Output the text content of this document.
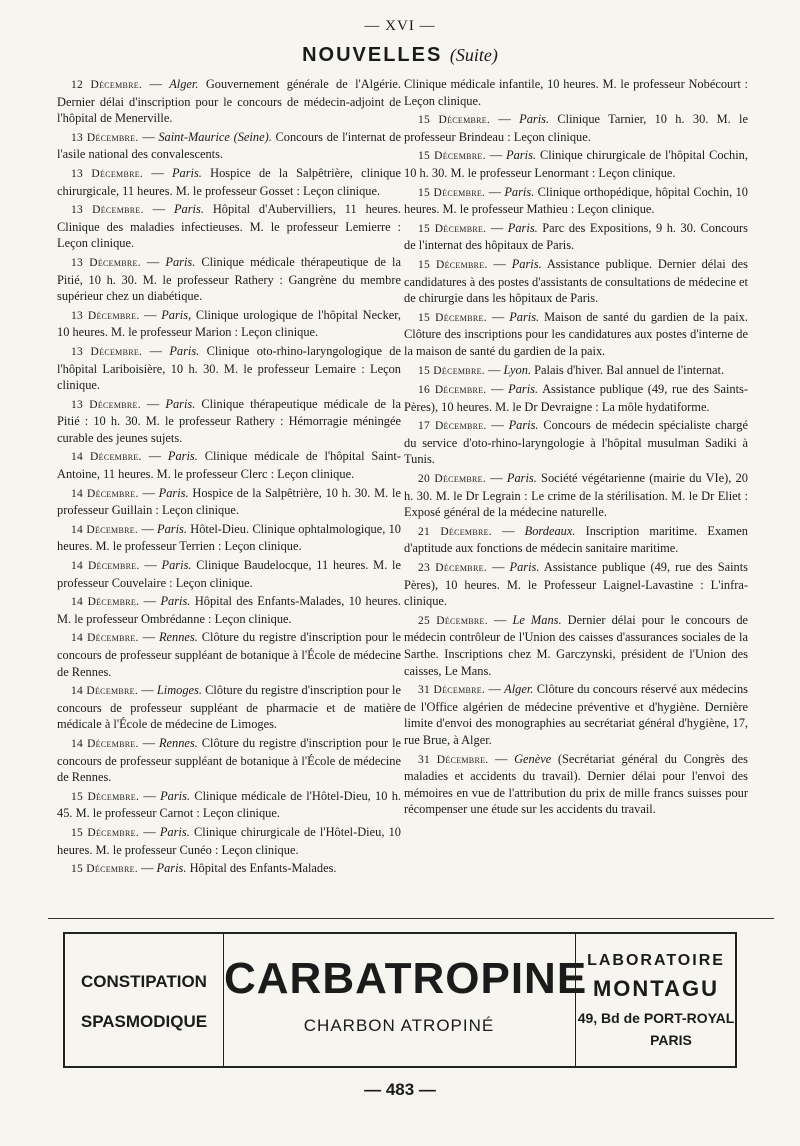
— XVI —
NOUVELLES (Suite)

12 Décembre. — Alger. Gouvernement générale de l'Algérie. Dernier délai d'inscription pour le concours de médecin-adjoint de l'hôpital de Menerville.

13 Décembre. — Saint-Maurice (Seine). Concours de l'internat de l'asile national des convalescents.

13 Décembre. — Paris. Hospice de la Salpêtrière, clinique chirurgicale, 11 heures. M. le professeur Gosset : Leçon clinique.

13 Décembre. — Paris. Hôpital d'Aubervilliers, 11 heures. Clinique des maladies infectieuses. M. le professeur Lemierre : Leçon clinique.

13 Décembre. — Paris. Clinique médicale thérapeutique de la Pitié, 10 h. 30. M. le professeur Rathery : Gangrène du membre supérieur chez un diabétique.

13 Décembre. — Paris, Clinique urologique de l'hôpital Necker, 10 heures. M. le professeur Marion : Leçon clinique.

13 Décembre. — Paris. Clinique oto-rhino-laryngologique de l'hôpital Lariboisière, 10 h. 30. M. le professeur Lemaire : Leçon clinique.

13 Décembre. — Paris. Clinique thérapeutique médicale de la Pitié : 10 h. 30. M. le professeur Rathery : Hémorragie méningée curable des jeunes sujets.

14 Décembre. — Paris. Clinique médicale de l'hôpital Saint-Antoine, 11 heures. M. le professeur Clerc : Leçon clinique.

14 Décembre. — Paris. Hospice de la Salpêtrière, 10 h. 30. M. le professeur Guillain : Leçon clinique.

14 Décembre. — Paris. Hôtel-Dieu. Clinique ophtalmologique, 10 heures. M. le professeur Terrien : Leçon clinique.

14 Décembre. — Paris. Clinique Baudelocque, 11 heures. M. le professeur Couvelaire : Leçon clinique.

14 Décembre. — Paris. Hôpital des Enfants-Malades, 10 heures. M. le professeur Ombrédanne : Leçon clinique.

14 Décembre. — Rennes. Clôture du registre d'inscription pour le concours de professeur suppléant de botanique à l'École de médecine de Rennes.

14 Décembre. — Limoges. Clôture du registre d'inscription pour le concours de professeur suppléant de pharmacie et de matière médicale à l'École de médecine de Limoges.

14 Décembre. — Rennes. Clôture du registre d'inscription pour le concours de professeur suppléant de botanique à l'École de médecine de Rennes.

15 Décembre. — Paris. Clinique médicale de l'Hôtel-Dieu, 10 h. 45. M. le professeur Carnot : Leçon clinique.

15 Décembre. — Paris. Clinique chirurgicale de l'Hôtel-Dieu, 10 heures. M. le professeur Cunéo : Leçon clinique.

15 Décembre. — Paris. Hôpital des Enfants-Malades.

Clinique médicale infantile, 10 heures. M. le professeur Nobécourt : Leçon clinique.

15 Décembre. — Paris. Clinique Tarnier, 10 h. 30. M. le professeur Brindeau : Leçon clinique.

15 Décembre. — Paris. Clinique chirurgicale de l'hôpital Cochin, 10 h. 30. M. le professeur Lenormant : Leçon clinique.

15 Décembre. — Paris. Clinique orthopédique, hôpital Cochin, 10 heures. M. le professeur Mathieu : Leçon clinique.

15 Décembre. — Paris. Parc des Expositions, 9 h. 30. Concours de l'internat des hôpitaux de Paris.

15 Décembre. — Paris. Assistance publique. Dernier délai des candidatures à des postes d'assistants de consultations de médecine et de chirurgie dans les hôpitaux de Paris.

15 Décembre. — Paris. Maison de santé du gardien de la paix. Clôture des inscriptions pour les candidatures aux postes d'interne de la maison de santé du gardien de la paix.

15 Décembre. — Lyon. Palais d'hiver. Bal annuel de l'internat.

16 Décembre. — Paris. Assistance publique (49, rue des Saints-Pères), 10 heures. M. le Dr Devraigne : La môle hydatiforme.

17 Décembre. — Paris. Concours de médecin spécialiste chargé du service d'oto-rhino-laryngologie à l'hôpital musulman Sadiki à Tunis.

20 Décembre. — Paris. Société végétarienne (mairie du VIe), 20 h. 30. M. le Dr Legrain : Le crime de la stérilisation. M. le Dr Eliet : Exposé général de la médecine naturelle.

21 Décembre. — Bordeaux. Inscription maritime. Examen d'aptitude aux fonctions de médecin sanitaire maritime.

23 Décembre. — Paris. Assistance publique (49, rue des Saints Pères), 10 heures. M. le Professeur Laignel-Lavastine : L'infra-clinique.

25 Décembre. — Le Mans. Dernier délai pour le concours de médecin contrôleur de l'Union des caisses d'assurances sociales de la Sarthe. Inscriptions chez M. Garczynski, président de l'Union des caisses, Le Mans.

31 Décembre. — Alger. Clôture du concours réservé aux médecins de l'Office algérien de médecine préventive et d'hygiène. Dernière limite d'envoi des monographies au secrétariat général d'hygiène, 17, rue Brue, à Alger.

31 Décembre. — Genève (Secrétariat général du Congrès des maladies et accidents du travail). Dernier délai pour l'envoi des mémoires en vue de l'attribution du prix de mille francs suisses pour récompenser une étude sur les accidents du travail.

CONSTIPATION
SPASMODIQUE
CARBATROPINE
CHARBON ATROPINÉ
LABORATOIRE
MONTAGU
49, Bd de PORT-ROYAL
PARIS
— 483 —
